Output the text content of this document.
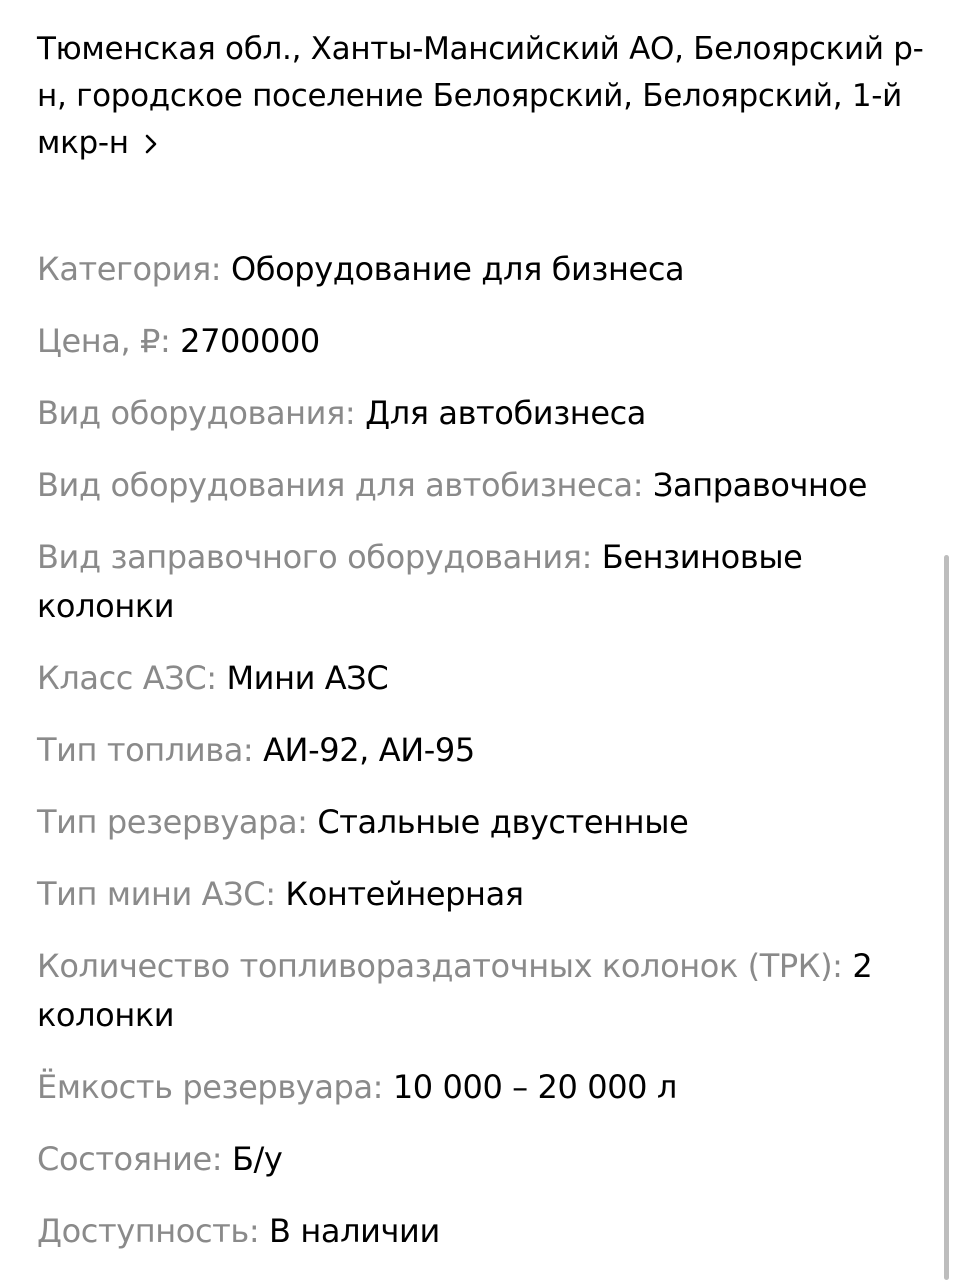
Тюменская обл., Ханты-Мансийский АО, Белоярский р-н, городское поселение Белоярский, Белоярский, 1-й мкр-н
Категория: Оборудование для бизнеса
Цена, ₽: 2700000
Вид оборудования: Для автобизнеса
Вид оборудования для автобизнеса: Заправочное
Вид заправочного оборудования: Бензиновые колонки
Класс АЗС: Мини АЗС
Тип топлива: АИ-92, АИ-95
Тип резервуара: Стальные двустенные
Тип мини АЗС: Контейнерная
Количество топливораздаточных колонок (ТРК): 2 колонки
Ёмкость резервуара: 10 000 – 20 000 л
Состояние: Б/у
Доступность: В наличии
